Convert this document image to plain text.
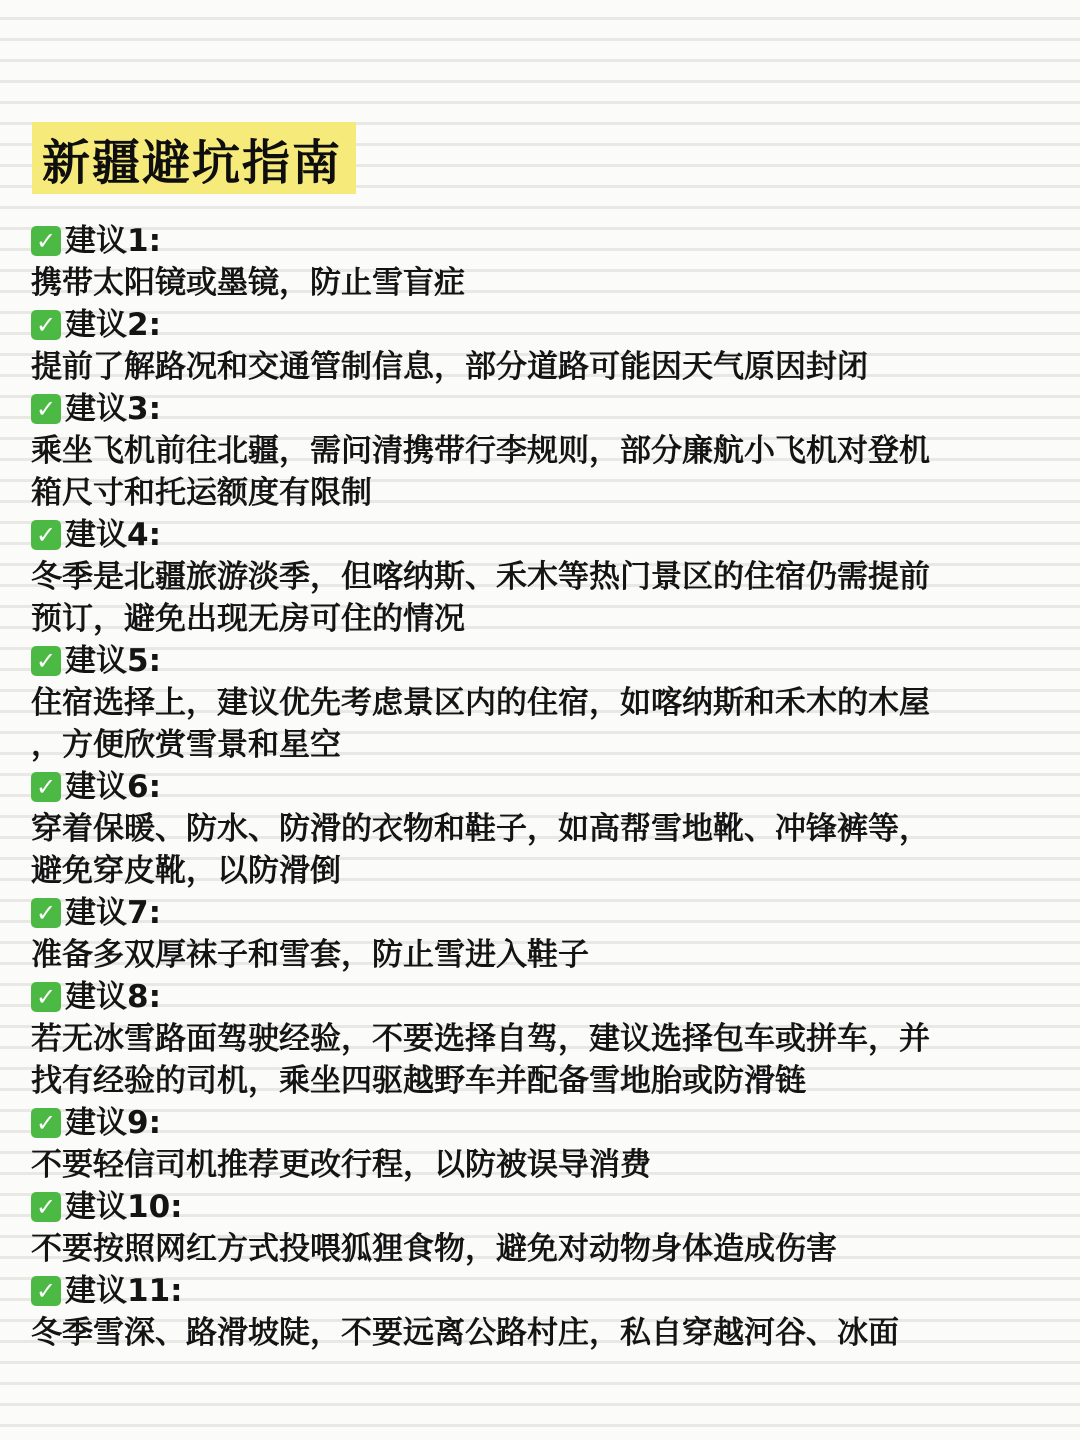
新疆避坑指南
✓ 建议1:
携带太阳镜或墨镜，防止雪盲症
✓ 建议2:
提前了解路况和交通管制信息，部分道路可能因天气原因封闭
✓ 建议3:
乘坐飞机前往北疆，需问清携带行李规则，部分廉航小飞机对登机
箱尺寸和托运额度有限制
✓ 建议4:
冬季是北疆旅游淡季，但喀纳斯、禾木等热门景区的住宿仍需提前
预订，避免出现无房可住的情况
✓ 建议5:
住宿选择上，建议优先考虑景区内的住宿，如喀纳斯和禾木的木屋
，方便欣赏雪景和星空
✓ 建议6:
穿着保暖、防水、防滑的衣物和鞋子，如高帮雪地靴、冲锋裤等，
避免穿皮靴，以防滑倒
✓ 建议7:
准备多双厚袜子和雪套，防止雪进入鞋子
✓ 建议8:
若无冰雪路面驾驶经验，不要选择自驾，建议选择包车或拼车，并
找有经验的司机，乘坐四驱越野车并配备雪地胎或防滑链
✓ 建议9:
不要轻信司机推荐更改行程，以防被误导消费
✓ 建议10:
不要按照网红方式投喂狐狸食物，避免对动物身体造成伤害
✓ 建议11:
冬季雪深、路滑坡陡，不要远离公路村庄，私自穿越河谷、冰面
